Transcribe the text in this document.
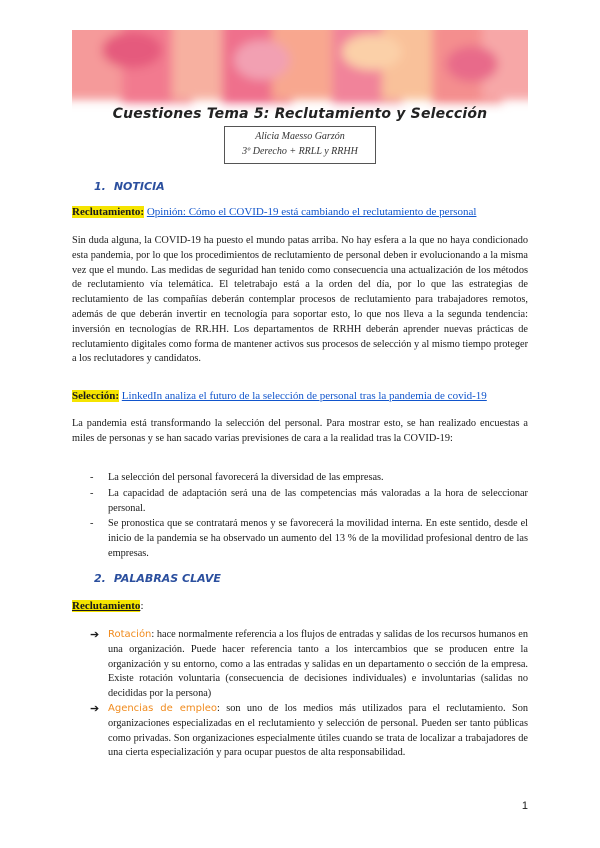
Cuestiones Tema 5: Reclutamiento y Selección
Alicia Maesso Garzón
3º Derecho + RRLL y RRHH
1. NOTICIA
Reclutamiento: Opinión: Cómo el COVID-19 está cambiando el reclutamiento de personal

Sin duda alguna, la COVID-19 ha puesto el mundo patas arriba. No hay esfera a la que no haya condicionado esta pandemia, por lo que los procedimientos de reclutamiento de personal deben ir evolucionando a la misma vez que el mundo. Las medidas de seguridad han tenido como consecuencia una actualización de los métodos de reclutamiento vía telemática. El teletrabajo está a la orden del día, por lo que las estrategias de reclutamiento de las compañías deberán contemplar procesos de reclutamiento para trabajadores remotos, además de que deberán invertir en tecnología para soportar esto, lo que nos lleva a la segunda tendencia: inversión en tecnologías de RR.HH. Los departamentos de RRHH deberán aprender nuevas prácticas de reclutamiento digitales como forma de mantener activos sus procesos de selección y al mismo tiempo proteger a los reclutadores y candidatos.

Selección: LinkedIn analiza el futuro de la selección de personal tras la pandemia de covid-19

La pandemia está transformando la selección del personal. Para mostrar esto, se han realizado encuestas a miles de personas y se han sacado varias previsiones de cara a la realidad tras la COVID-19:

- La selección del personal favorecerá la diversidad de las empresas.
- La capacidad de adaptación será una de las competencias más valoradas a la hora de seleccionar personal.
- Se pronostica que se contratará menos y se favorecerá la movilidad interna. En este sentido, desde el inicio de la pandemia se ha observado un aumento del 13 % de la movilidad profesional dentro de las empresas.
2. PALABRAS CLAVE
Reclutamiento:
➔ Rotación: hace normalmente referencia a los flujos de entradas y salidas de los recursos humanos en una organización. Puede hacer referencia tanto a los intercambios que se producen entre la organización y su entorno, como a las entradas y salidas en un departamento o sección de la empresa. Existe rotación voluntaria (consecuencia de decisiones individuales) e involuntarias (salidas no decididas por la persona)
➔ Agencias de empleo: son uno de los medios más utilizados para el reclutamiento. Son organizaciones especializadas en el reclutamiento y selección de personal. Pueden ser tanto públicas como privadas. Son organizaciones especialmente útiles cuando se trata de localizar a trabajadores de una cierta especialización y para ocupar puestos de alta responsabilidad.
1
